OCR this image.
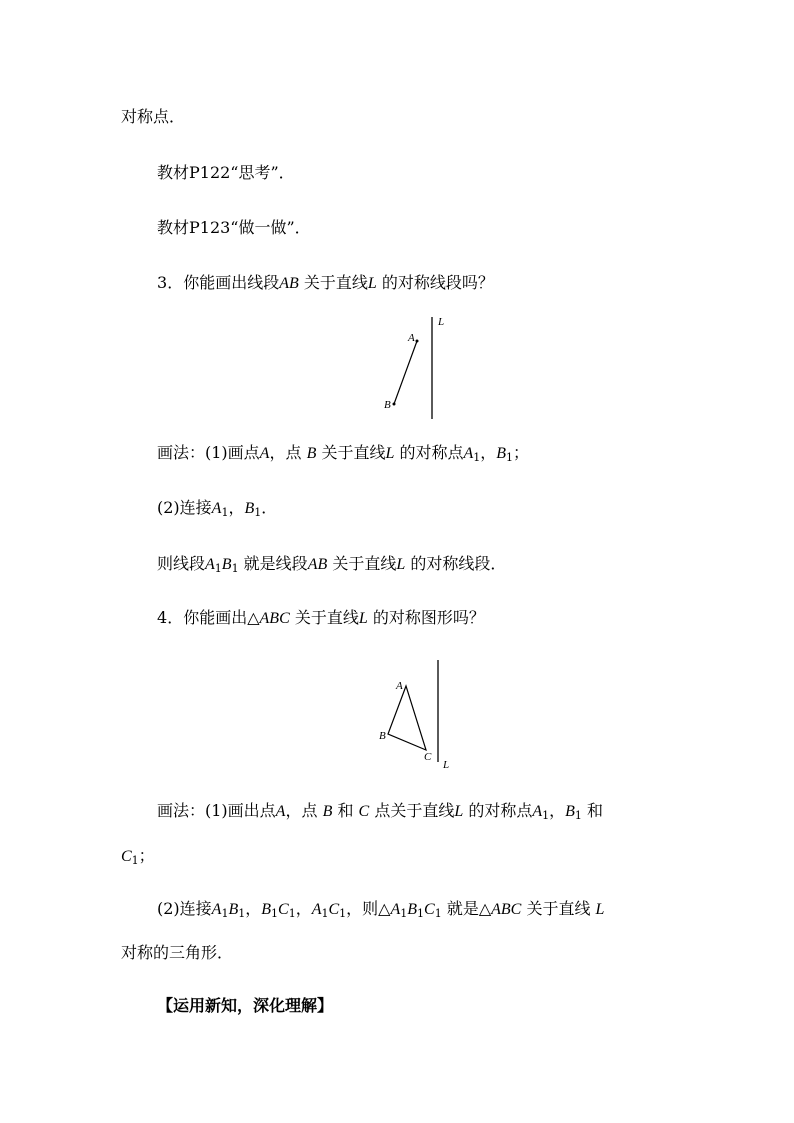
对称点．
教材P122“思考”．
教材P123“做一做”．
3．你能画出线段AB 关于直线L 的对称线段吗？
A
B
L
画法：(1)画点A，点 B 关于直线L 的对称点$A_1$，$B_1$；
(2)连接$A_1$，$B_1$．
则线段$A_1B_1$ 就是线段AB 关于直线L 的对称线段．
4．你能画出△ABC 关于直线L 的对称图形吗？
A
B
C
L
画法：(1)画出点A，点 B 和 C 点关于直线L 的对称点$A_1$，$B_1$ 和
$C_1$；
(2)连接$A_1B_1$，$B_1C_1$，$A_1C_1$，则$\triangle A_1B_1C_1$ 就是△ABC 关于直线 L
对称的三角形．
【运用新知，深化理解】
